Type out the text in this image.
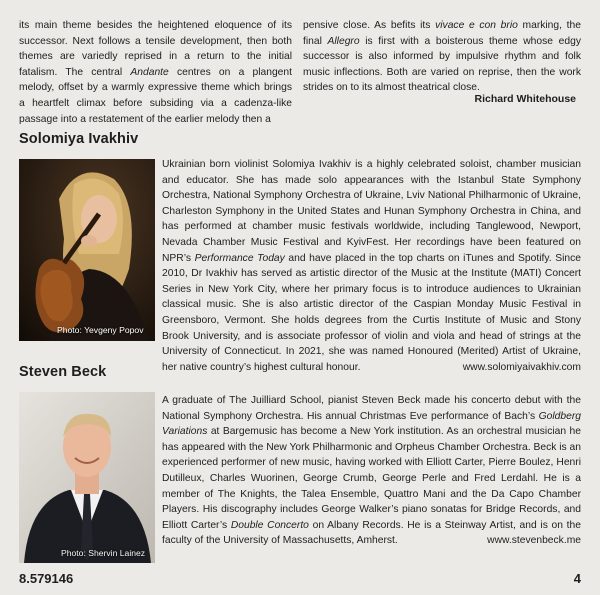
its main theme besides the heightened eloquence of its successor. Next follows a tensile development, then both themes are variedly reprised in a return to the initial fatalism. The central Andante centres on a plangent melody, offset by a warmly expressive theme which brings a heartfelt climax before subsiding via a cadenza-like passage into a restatement of the earlier melody then a
pensive close. As befits its vivace e con brio marking, the final Allegro is first with a boisterous theme whose edgy successor is also informed by impulsive rhythm and folk music inflections. Both are varied on reprise, then the work strides on to its almost theatrical close.
Richard Whitehouse
Solomiya Ivakhiv
Photo: Yevgeny Popov
Ukrainian born violinist Solomiya Ivakhiv is a highly celebrated soloist, chamber musician and educator. She has made solo appearances with the Istanbul State Symphony Orchestra, National Symphony Orchestra of Ukraine, Lviv National Philharmonic of Ukraine, Charleston Symphony in the United States and Hunan Symphony Orchestra in China, and has performed at chamber music festivals worldwide, including Tanglewood, Newport, Nevada Chamber Music Festival and KyivFest. Her recordings have been featured on NPR’s Performance Today and have placed in the top charts on iTunes and Spotify. Since 2010, Dr Ivakhiv has served as artistic director of the Music at the Institute (MATI) Concert Series in New York City, where her primary focus is to introduce audiences to Ukrainian classical music. She is also artistic director of the Caspian Monday Music Festival in Greensboro, Vermont. She holds degrees from the Curtis Institute of Music and Stony Brook University, and is associate professor of violin and viola and head of strings at the University of Connecticut. In 2021, she was named Honoured (Merited) Artist of Ukraine, her native country’s highest cultural honour.	www.solomiyaivakhiv.com
Steven Beck
Photo: Shervin Lainez
A graduate of The Juilliard School, pianist Steven Beck made his concerto debut with the National Symphony Orchestra. His annual Christmas Eve performance of Bach’s Goldberg Variations at Bargemusic has become a New York institution. As an orchestral musician he has appeared with the New York Philharmonic and Orpheus Chamber Orchestra. Beck is an experienced performer of new music, having worked with Elliott Carter, Pierre Boulez, Henri Dutilleux, Charles Wuorinen, George Crumb, George Perle and Fred Lerdahl. He is a member of The Knights, the Talea Ensemble, Quattro Mani and the Da Capo Chamber Players. His discography includes George Walker’s piano sonatas for Bridge Records, and Elliott Carter’s Double Concerto on Albany Records. He is a Steinway Artist, and is on the faculty of the University of Massachusetts, Amherst.	www.stevenbeck.me
8.579146	4
